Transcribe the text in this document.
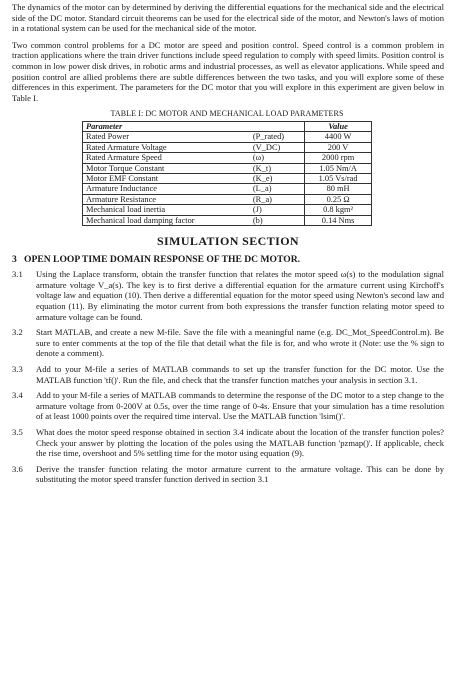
The dynamics of the motor can by determined by deriving the differential equations for the mechanical side and the electrical side of the DC motor. Standard circuit theorems can be used for the electrical side of the motor, and Newton's laws of motion in a rotational system can be used for the mechanical side of the motor.

Two common control problems for a DC motor are speed and position control. Speed control is a common problem in traction applications where the train driver functions include speed regulation to comply with speed limits. Position control is common in low power disk drives, in robotic arms and industrial processes, as well as elevator applications. While speed and position control are allied problems there are subtle differences between the two tasks, and you will explore some of these differences in this experiment. The parameters for the DC motor that you will explore in this experiment are given below in Table I.

TABLE I: DC MOTOR AND MECHANICAL LOAD PARAMETERS
Parameter		Value
Rated Power	(P_rated)	4400 W
Rated Armature Voltage	(V_DC)	200 V
Rated Armature Speed	(ω)	2000 rpm
Motor Torque Constant	(K_t)	1.05 Nm/A
Motor EMF Constant	(K_e)	1.05 Vs/rad
Armature Inductance	(L_a)	80 mH
Armature Resistance	(R_a)	0.25 Ω
Mechanical load inertia	(J)	0.8 kgm²
Mechanical load damping factor	(b)	0.14 Nms
SIMULATION SECTION
3 OPEN LOOP TIME DOMAIN RESPONSE OF THE DC MOTOR.
3.1	Using the Laplace transform, obtain the transfer function that relates the motor speed ω(s) to the modulation signal armature voltage V_a(s). The key is to first derive a differential equation for the armature current using Kirchoff's voltage law and equation (10). Then derive a differential equation for the motor speed using Newton's second law and equation (11). By eliminating the motor current from both expressions the transfer function relating motor speed to armature voltage can be found.
3.2	Start MATLAB, and create a new M-file. Save the file with a meaningful name (e.g. DC_Mot_SpeedControl.m). Be sure to enter comments at the top of the file that detail what the file is for, and who wrote it (Note: use the % sign to denote a comment).
3.3	Add to your M-file a series of MATLAB commands to set up the transfer function for the DC motor. Use the MATLAB function 'tf()'. Run the file, and check that the transfer function matches your analysis in section 3.1.
3.4	Add to your M-file a series of MATLAB commands to determine the response of the DC motor to a step change to the armature voltage from 0-200V at 0.5s, over the time range of 0-4s. Ensure that your simulation has a time resolution of at least 1000 points over the required time interval. Use the MATLAB function 'lsim()'.
3.5	What does the motor speed response obtained in section 3.4 indicate about the location of the transfer function poles? Check your answer by plotting the location of the poles using the MATLAB function 'pzmap()'. If applicable, check the rise time, overshoot and 5% settling time for the motor using equation (9).
3.6	Derive the transfer function relating the motor armature current to the armature voltage. This can be done by substituting the motor speed transfer function derived in section 3.1
